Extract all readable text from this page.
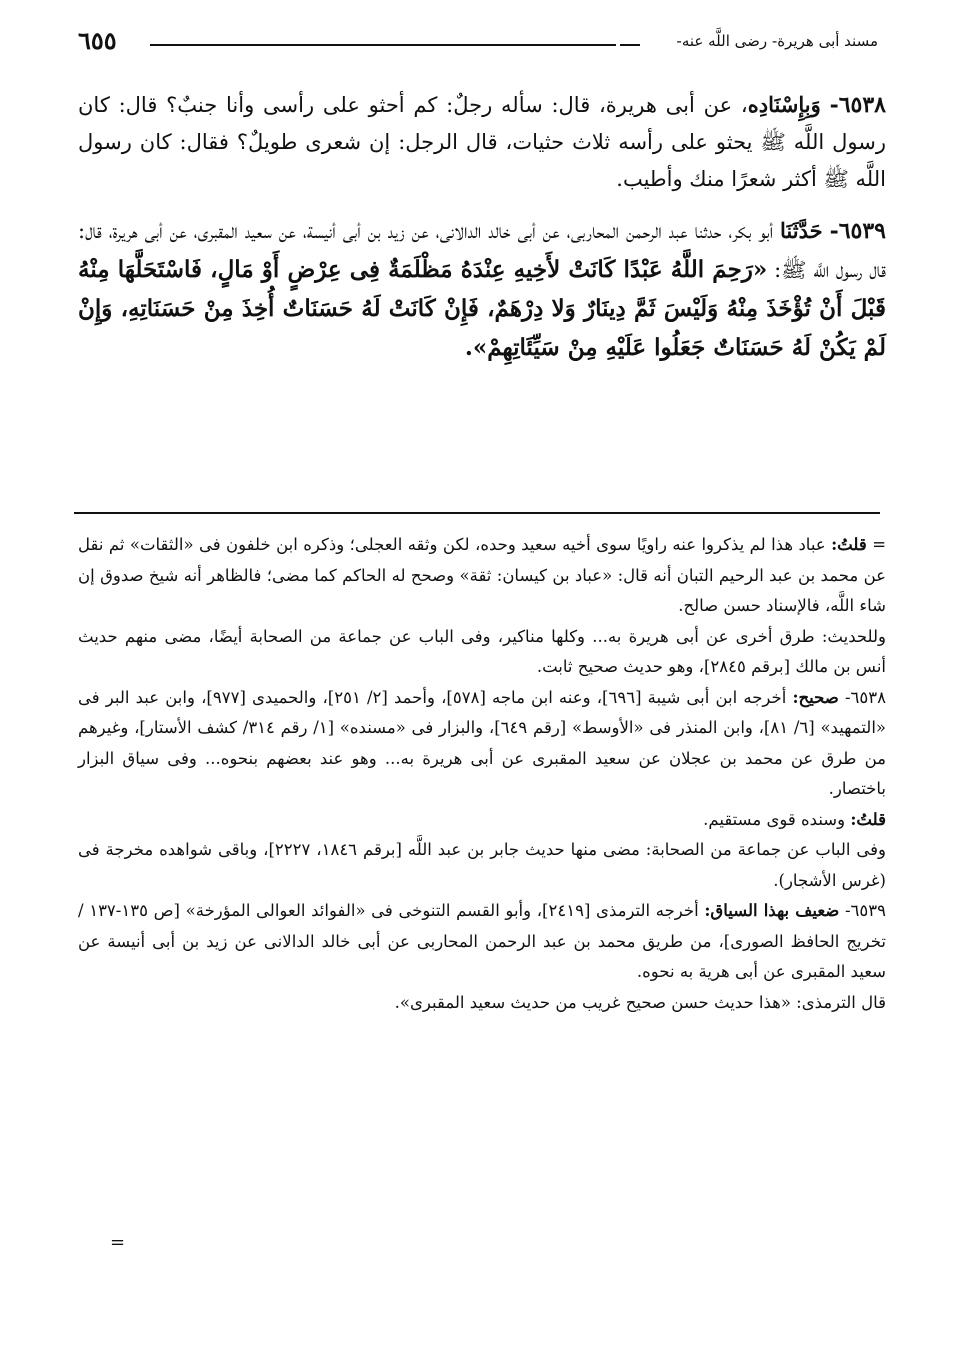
مسند أبى هريرة- رضى اللَّه عنه-
٦٥٥

٦٥٣٨- وَبِإِسْنَادِه، عن أبى هريرة، قال: سأله رجلٌ: كم أحثو على رأسى وأنا جنبٌ؟ قال: كان رسول اللَّه ﷺ يحثو على رأسه ثلاث حثيات، قال الرجل: إن شعرى طويلٌ؟ فقال: كان رسول اللَّه ﷺ أكثر شعرًا منك وأطيب.

٦٥٣٩- حَدَّثَنَا أبو بكر، حدثنا عبد الرحمن المحاربى، عن أبى خالد الدالانى، عن زيد بن أبى أنيسة، عن سعيد المقبرى، عن أبى هريرة، قال: قال رسول اللَّه ﷺ: «رَحِمَ اللَّهُ عَبْدًا كَانَتْ لأَخِيهِ عِنْدَهُ مَظْلَمَةٌ فِى عِرْضٍ أَوْ مَالٍ، فَاسْتَحَلَّهَا مِنْهُ قَبْلَ أَنْ تُؤْخَذَ مِنْهُ وَلَيْسَ ثَمَّ دِينَارٌ وَلا دِرْهَمٌ، فَإِنْ كَانَتْ لَهُ حَسَنَاتٌ أُخِذَ مِنْ حَسَنَاتِهِ، وَإِنْ لَمْ يَكُنْ لَهُ حَسَنَاتٌ جَعَلُوا عَلَيْهِ مِنْ سَيِّئَاتِهِمْ».

= قلتُ: عباد هذا لم يذكروا عنه راويًا سوى أخيه سعيد وحده، لكن وثقه العجلى؛ وذكره ابن خلفون فى «الثقات» ثم نقل عن محمد بن عبد الرحيم التبان أنه قال: «عباد بن كيسان: ثقة» وصحح له الحاكم كما مضى؛ فالظاهر أنه شيخ صدوق إن شاء اللَّه، فالإسناد حسن صالح.

وللحديث: طرق أخرى عن أبى هريرة به... وكلها مناكير، وفى الباب عن جماعة من الصحابة أيضًا، مضى منهم حديث أنس بن مالك [برقم ٢٨٤٥]، وهو حديث صحيح ثابت.

٦٥٣٨- صحيح: أخرجه ابن أبى شيبة [٦٩٦]، وعنه ابن ماجه [٥٧٨]، وأحمد [٢/ ٢٥١]، والحميدى [٩٧٧]، وابن عبد البر فى «التمهيد» [٦/ ٨١]، وابن المنذر فى «الأوسط» [رقم ٦٤٩]، والبزار فى «مسنده» [١/ رقم ٣١٤/ كشف الأستار]، وغيرهم من طرق عن محمد بن عجلان عن سعيد المقبرى عن أبى هريرة به... وهو عند بعضهم بنحوه... وفى سياق البزار باختصار.

قلتُ: وسنده قوى مستقيم.

وفى الباب عن جماعة من الصحابة: مضى منها حديث جابر بن عبد اللَّه [برقم ١٨٤٦، ٢٢٢٧]، وباقى شواهده مخرجة فى (غرس الأشجار).

٦٥٣٩- ضعيف بهذا السياق: أخرجه الترمذى [٢٤١٩]، وأبو القسم التنوخى فى «الفوائد العوالى المؤرخة» [ص ١٣٥-١٣٧ / تخريج الحافظ الصورى]، من طريق محمد بن عبد الرحمن المحاربى عن أبى خالد الدالانى عن زيد بن أبى أنيسة عن سعيد المقبرى عن أبى هرية به نحوه.

قال الترمذى: «هذا حديث حسن صحيح غريب من حديث سعيد المقبرى».

=
